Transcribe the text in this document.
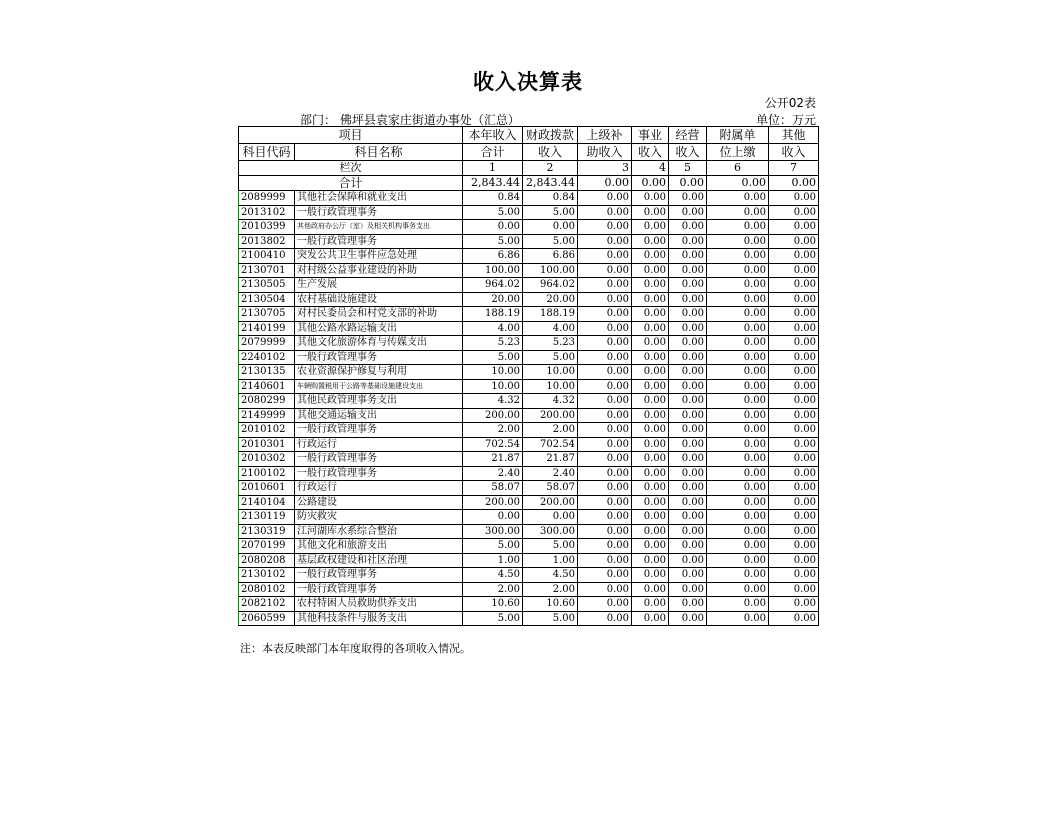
收入决算表
公开02表
部门： 佛坪县袁家庄街道办事处（汇总）	单位：万元
项目		本年收入	财政拨款	上级补	事业	经营	附属单	其他
科目代码	科目名称	合计	收入	助收入	收入	收入	位上缴	收入
栏次		1	2	3	4	5	6	7
合计		2,843.44	2,843.44	0.00	0.00	0.00	0.00	0.00
2089999	其他社会保障和就业支出	0.84	0.84	0.00	0.00	0.00	0.00	0.00
2013102	一般行政管理事务	5.00	5.00	0.00	0.00	0.00	0.00	0.00
2010399	其他政府办公厅（室）及相关机构事务支出	0.00	0.00	0.00	0.00	0.00	0.00	0.00
2013802	一般行政管理事务	5.00	5.00	0.00	0.00	0.00	0.00	0.00
2100410	突发公共卫生事件应急处理	6.86	6.86	0.00	0.00	0.00	0.00	0.00
2130701	对村级公益事业建设的补助	100.00	100.00	0.00	0.00	0.00	0.00	0.00
2130505	生产发展	964.02	964.02	0.00	0.00	0.00	0.00	0.00
2130504	农村基础设施建设	20.00	20.00	0.00	0.00	0.00	0.00	0.00
2130705	对村民委员会和村党支部的补助	188.19	188.19	0.00	0.00	0.00	0.00	0.00
2140199	其他公路水路运输支出	4.00	4.00	0.00	0.00	0.00	0.00	0.00
2079999	其他文化旅游体育与传媒支出	5.23	5.23	0.00	0.00	0.00	0.00	0.00
2240102	一般行政管理事务	5.00	5.00	0.00	0.00	0.00	0.00	0.00
2130135	农业资源保护修复与利用	10.00	10.00	0.00	0.00	0.00	0.00	0.00
2140601	车辆购置税用于公路等基础设施建设支出	10.00	10.00	0.00	0.00	0.00	0.00	0.00
2080299	其他民政管理事务支出	4.32	4.32	0.00	0.00	0.00	0.00	0.00
2149999	其他交通运输支出	200.00	200.00	0.00	0.00	0.00	0.00	0.00
2010102	一般行政管理事务	2.00	2.00	0.00	0.00	0.00	0.00	0.00
2010301	行政运行	702.54	702.54	0.00	0.00	0.00	0.00	0.00
2010302	一般行政管理事务	21.87	21.87	0.00	0.00	0.00	0.00	0.00
2100102	一般行政管理事务	2.40	2.40	0.00	0.00	0.00	0.00	0.00
2010601	行政运行	58.07	58.07	0.00	0.00	0.00	0.00	0.00
2140104	公路建设	200.00	200.00	0.00	0.00	0.00	0.00	0.00
2130119	防灾救灾	0.00	0.00	0.00	0.00	0.00	0.00	0.00
2130319	江河湖库水系综合整治	300.00	300.00	0.00	0.00	0.00	0.00	0.00
2070199	其他文化和旅游支出	5.00	5.00	0.00	0.00	0.00	0.00	0.00
2080208	基层政权建设和社区治理	1.00	1.00	0.00	0.00	0.00	0.00	0.00
2130102	一般行政管理事务	4.50	4.50	0.00	0.00	0.00	0.00	0.00
2080102	一般行政管理事务	2.00	2.00	0.00	0.00	0.00	0.00	0.00
2082102	农村特困人员救助供养支出	10.60	10.60	0.00	0.00	0.00	0.00	0.00
2060599	其他科技条件与服务支出	5.00	5.00	0.00	0.00	0.00	0.00	0.00
注：本表反映部门本年度取得的各项收入情况。
